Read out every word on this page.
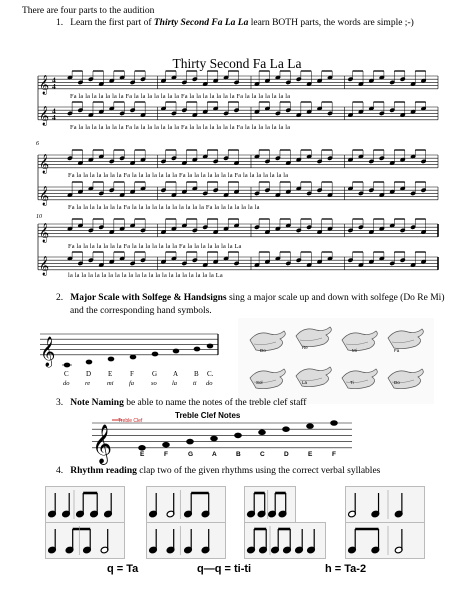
There are four parts to the audition
1. Learn the first part of Thirty Second Fa La La learn BOTH parts, the words are simple ;-)
Thirty Second Fa La La
𝄞 4
4
𝄞 4
4
𝄞
𝄞
𝄞
𝄞
Fa la la la la la la la Fa la la la la la la la Fa la la la la la la la Fa la la la la la la la
Fa la la la la la la la Fa la la la la la la la Fa la la la la la la la Fa la la la la la la la
6
Fa la la la la la la la Fa la la la la la la la Fa la la la la la la la Fa la la la la la la la
Fa la la la la la la la Fa la la la la la la la la la la la Fa la la la la la la la
10
Fa la la la la la la la Fa la la la la la la la Fa la la la la la la la La
la la la la la la la la la la la la la la la la la la la la la la La
2. Major Scale with Solfege & Handsigns sing a major scale up and down with solfege (Do Re Mi)
and the corresponding hand symbols.
𝄞
C D E	F	G A B C.
do re	mi fa	so la ti do
Do
Re
Mi	Fa
Sol	La	Ti	Do
3. Note Naming be able to name the notes of the treble clef staff
Treble Clef Notes
𝄞
Treble Clef
E	F	G	A	B	C	D	E	F
4. Rhythm reading clap two of the given rhythms using the correct verbal syllables
q = Ta	q—q = ti-ti	h = Ta-2
